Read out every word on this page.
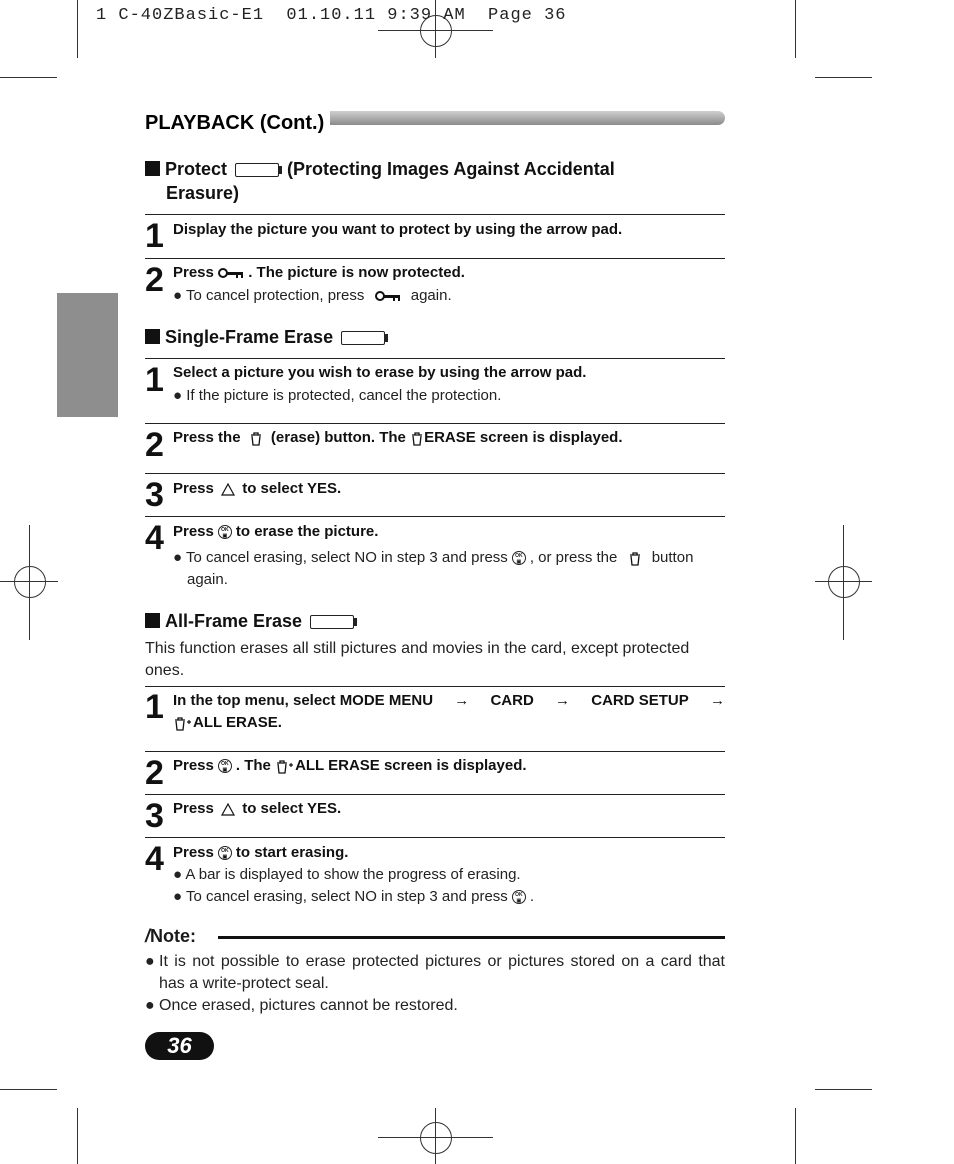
1 C-40ZBasic-E1  01.10.11 9:39 AM  Page 36
PLAYBACK (Cont.)
Protect	(Protecting Images Against Accidental
Erasure)
1 Display the picture you want to protect by using the arrow pad.
2 Press . The picture is now protected.
● To cancel protection, press	again.
Single-Frame Erase
1 Select a picture you wish to erase by using the arrow pad.
● If the picture is protected, cancel the protection.
2 Press the (erase) button. The ERASE screen is displayed.
3 Press to select YES.
4 Press OK
▣ to erase the picture.
● To cancel erasing, select NO in step 3 and press OK
▣ , or press the button
again.
All-Frame Erase
This function erases all still pictures and movies in the card, except protected ones.
1 In the top menu, select MODE MENU → CARD → CARD SETUP →
ALL ERASE.
2 Press OK
▣ . The ALL ERASE screen is displayed.
3 Press to select YES.
4 Press OK
▣ to start erasing.
● A bar is displayed to show the progress of erasing.
● To cancel erasing, select NO in step 3 and press OK
▣ .
/Note:
● It is not possible to erase protected pictures or pictures stored on a card that has a write-protect seal.
● Once erased, pictures cannot be restored.
36
